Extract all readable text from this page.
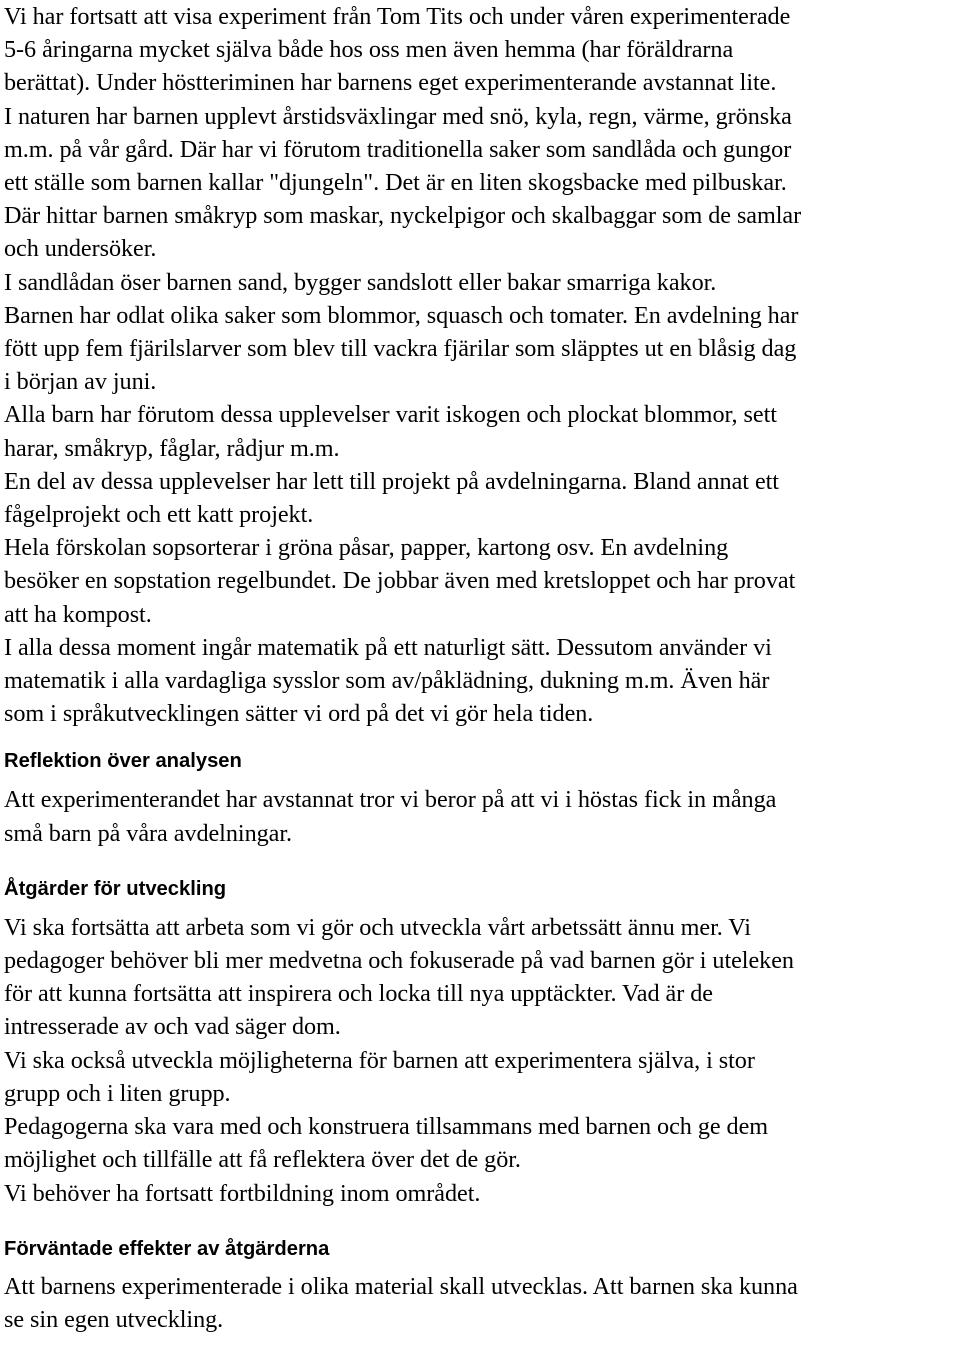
Vi har fortsatt att visa experiment från Tom Tits och under våren experimenterade
5-6 åringarna mycket själva både hos oss men även hemma (har föräldrarna
berättat). Under höstteriminen har barnens eget experimenterande avstannat lite.

I naturen har barnen upplevt årstidsväxlingar med snö, kyla, regn, värme, grönska
m.m. på vår gård. Där har vi förutom traditionella saker som sandlåda och gungor
ett ställe som barnen kallar "djungeln". Det är en liten skogsbacke med pilbuskar.
Där hittar barnen småkryp som maskar, nyckelpigor och skalbaggar som de samlar
och undersöker.

I sandlådan öser barnen sand, bygger sandslott eller bakar smarriga kakor.

Barnen har odlat olika saker som blommor, squasch och tomater. En avdelning har
fött upp fem fjärilslarver som blev till vackra fjärilar som släpptes ut en blåsig dag
i början av juni.

Alla barn har förutom dessa upplevelser varit iskogen och plockat blommor, sett
harar, småkryp, fåglar, rådjur m.m.

En del av dessa upplevelser har lett till projekt på avdelningarna. Bland annat ett
fågelprojekt och ett katt projekt.

Hela förskolan sopsorterar i gröna påsar, papper, kartong osv. En avdelning
besöker en sopstation regelbundet. De jobbar även med kretsloppet och har provat
att ha kompost.

I alla dessa moment ingår matematik på ett naturligt sätt. Dessutom använder vi
matematik i alla vardagliga sysslor som av/påklädning, dukning m.m. Även här
som i språkutvecklingen sätter vi ord på det vi gör hela tiden.

Reflektion över analysen

Att experimenterandet har avstannat tror vi beror på att vi i höstas fick in många
små barn på våra avdelningar.

Åtgärder för utveckling

Vi ska fortsätta att arbeta som vi gör och utveckla vårt arbetssätt ännu mer. Vi
pedagoger behöver bli mer medvetna och fokuserade på vad barnen gör i uteleken
för att kunna fortsätta att inspirera och locka till nya upptäckter. Vad är de
intresserade av och vad säger dom.

Vi ska också utveckla möjligheterna för barnen att experimentera själva, i stor
grupp och i liten grupp.

Pedagogerna ska vara med och konstruera tillsammans med barnen och ge dem
möjlighet och tillfälle att få reflektera över det de gör.

Vi behöver ha fortsatt fortbildning inom området.

Förväntade effekter av åtgärderna

Att barnens experimenterade i olika material skall utvecklas. Att barnen ska kunna
se sin egen utveckling.
